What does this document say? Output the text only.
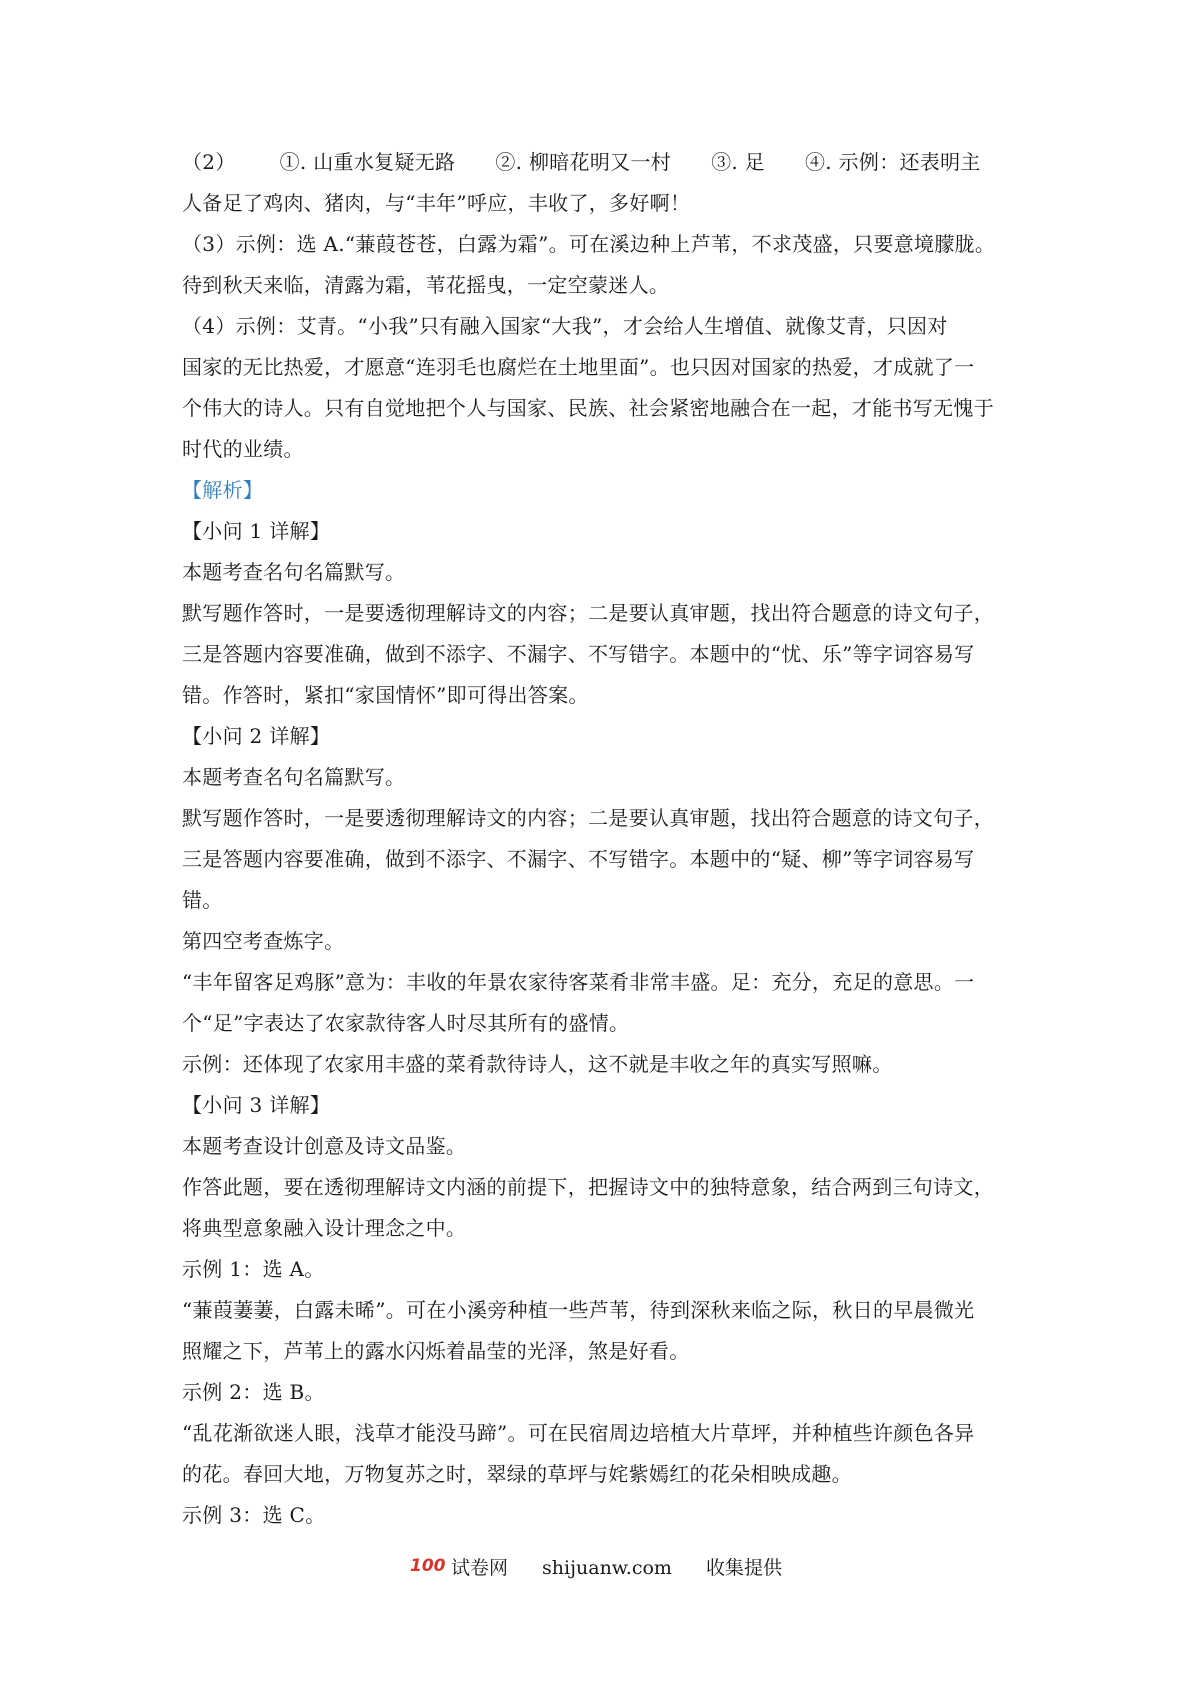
（2） ①. 山重水复疑无路 ②. 柳暗花明又一村 ③. 足 ④. 示例：还表明主
人备足了鸡肉、猪肉，与“丰年”呼应，丰收了，多好啊！
（3）示例：选 A.“蒹葭苍苍，白露为霜”。可在溪边种上芦苇，不求茂盛，只要意境朦胧。
待到秋天来临，清露为霜，苇花摇曳，一定空蒙迷人。
（4）示例：艾青。“小我”只有融入国家“大我”，才会给人生增值、就像艾青，只因对
国家的无比热爱，才愿意“连羽毛也腐烂在土地里面”。也只因对国家的热爱，才成就了一
个伟大的诗人。只有自觉地把个人与国家、民族、社会紧密地融合在一起，才能书写无愧于
时代的业绩。
【解析】
【小问 1 详解】
本题考查名句名篇默写。
默写题作答时，一是要透彻理解诗文的内容；二是要认真审题，找出符合题意的诗文句子，
三是答题内容要准确，做到不添字、不漏字、不写错字。本题中的“忧、乐”等字词容易写
错。作答时，紧扣“家国情怀”即可得出答案。
【小问 2 详解】
本题考查名句名篇默写。
默写题作答时，一是要透彻理解诗文的内容；二是要认真审题，找出符合题意的诗文句子，
三是答题内容要准确，做到不添字、不漏字、不写错字。本题中的“疑、柳”等字词容易写
错。
第四空考查炼字。
“丰年留客足鸡豚”意为：丰收的年景农家待客菜肴非常丰盛。足：充分，充足的意思。一
个“足”字表达了农家款待客人时尽其所有的盛情。
示例：还体现了农家用丰盛的菜肴款待诗人，这不就是丰收之年的真实写照嘛。
【小问 3 详解】
本题考查设计创意及诗文品鉴。
作答此题，要在透彻理解诗文内涵的前提下，把握诗文中的独特意象，结合两到三句诗文，
将典型意象融入设计理念之中。
示例 1：选 A。
“蒹葭萋萋，白露未晞”。可在小溪旁种植一些芦苇，待到深秋来临之际，秋日的早晨微光
照耀之下，芦苇上的露水闪烁着晶莹的光泽，煞是好看。
示例 2：选 B。
“乱花渐欲迷人眼，浅草才能没马蹄”。可在民宿周边培植大片草坪，并种植些许颜色各异
的花。春回大地，万物复苏之时，翠绿的草坪与姹紫嫣红的花朵相映成趣。
示例 3：选 C。
100 试卷网 shijuanw.com 收集提供
